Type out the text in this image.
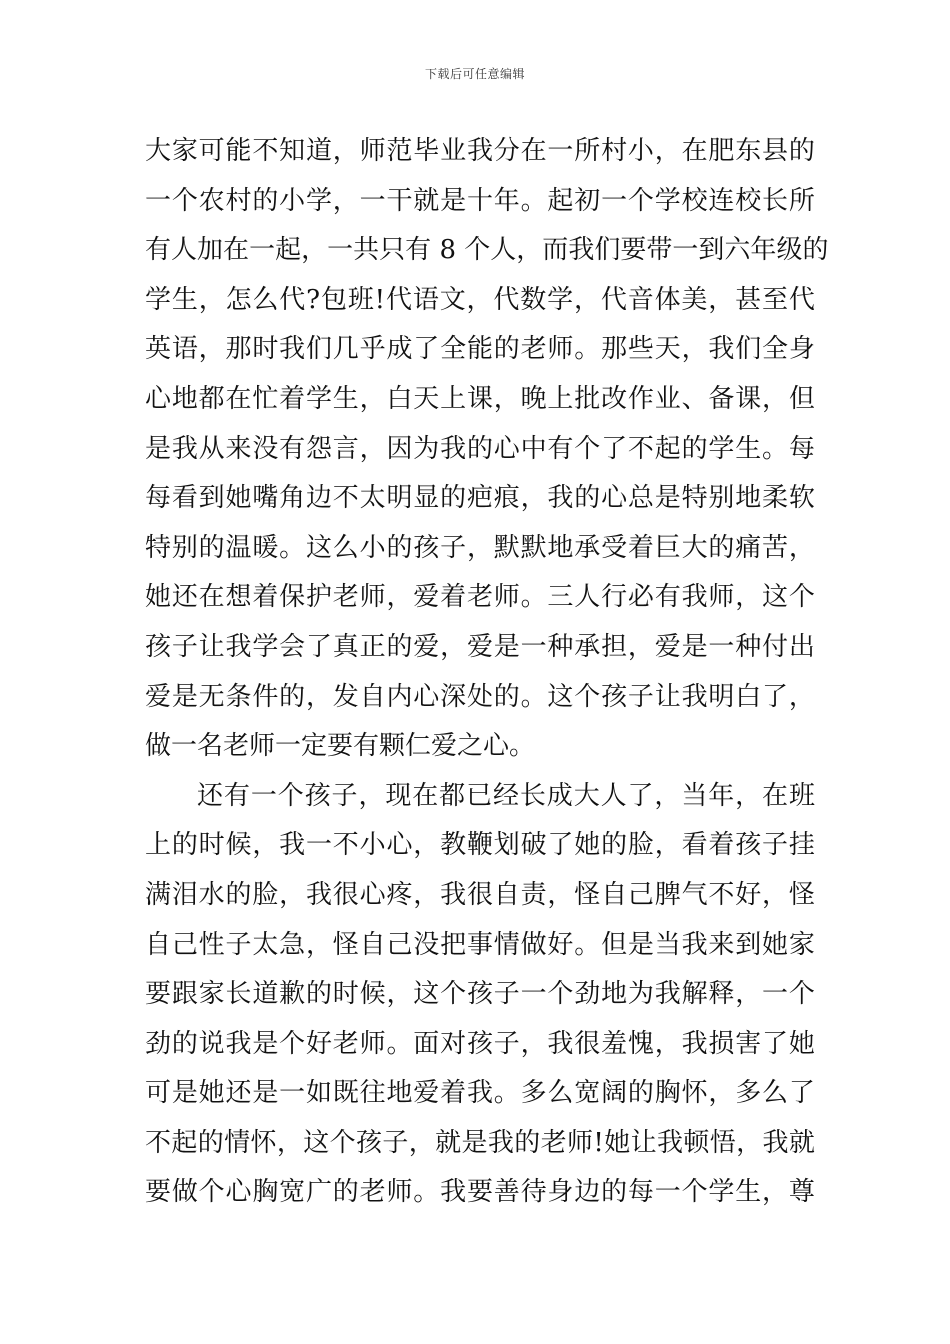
下载后可任意编辑
大 家 可 能 不 知 道 ， 师 范 毕 业 我 分 在 一 所 村 小 ， 在 肥 东 县 的
一 个 农 村 的 小 学 ， 一 干 就 是 十 年 。 起 初 一 个 学 校 连 校 长 所
有 人 加 在 一 起 ， 一 共 只 有
8
个 人 ， 而 我 们 要 带 一 到 六 年 级 的
学 生 ， 怎 么 代 ? 包 班 ! 代 语 文 ， 代 数 学 ， 代 音 体 美 ， 甚 至 代
英 语 ， 那 时 我 们 几 乎 成 了 全 能 的 老 师 。 那 些 天 ， 我 们 全 身
心 地 都 在 忙 着 学 生 ， 白 天 上 课 ， 晚 上 批 改 作 业 、 备 课 ， 但
是 我 从 来 没 有 怨 言 ， 因 为 我 的 心 中 有 个 了 不 起 的 学 生 。 每
每 看 到 她 嘴 角 边 不 太 明 显 的 疤 痕 ， 我 的 心 总 是 特 别 地 柔 软
特 别 的 温 暖 。 这 么 小 的 孩 子 ， 默 默 地 承 受 着 巨 大 的 痛 苦 ，
她 还 在 想 着 保 护 老 师 ， 爱 着 老 师 。 三 人 行 必 有 我 师 ， 这 个
孩 子 让 我 学 会 了 真 正 的 爱 ， 爱 是 一 种 承 担 ， 爱 是 一 种 付 出
爱 是 无 条 件 的 ， 发 自 内 心 深 处 的 。 这 个 孩 子 让 我 明 白 了 ，
做一名老师一定要有颗仁爱之心。
还 有 一 个 孩 子 ， 现 在 都 已 经 长 成 大 人 了 ， 当 年 ， 在 班
上 的 时 候 ， 我 一 不 小 心 ， 教 鞭 划 破 了 她 的 脸 ， 看 着 孩 子 挂
满 泪 水 的 脸 ， 我 很 心 疼 ， 我 很 自 责 ， 怪 自 己 脾 气 不 好 ， 怪
自 己 性 子 太 急 ， 怪 自 己 没 把 事 情 做 好 。 但 是 当 我 来 到 她 家
要 跟 家 长 道 歉 的 时 候 ， 这 个 孩 子 一 个 劲 地 为 我 解 释 ， 一 个
劲 的 说 我 是 个 好 老 师 。 面 对 孩 子 ， 我 很 羞 愧 ， 我 损 害 了 她
可 是 她 还 是 一 如 既 往 地 爱 着 我 。 多 么 宽 阔 的 胸 怀 ， 多 么 了
不 起 的 情 怀 ， 这 个 孩 子 ， 就 是 我 的 老 师 ! 她 让 我 顿 悟 ， 我 就
要 做 个 心 胸 宽 广 的 老 师 。 我 要 善 待 身 边 的 每 一 个 学 生 ， 尊
